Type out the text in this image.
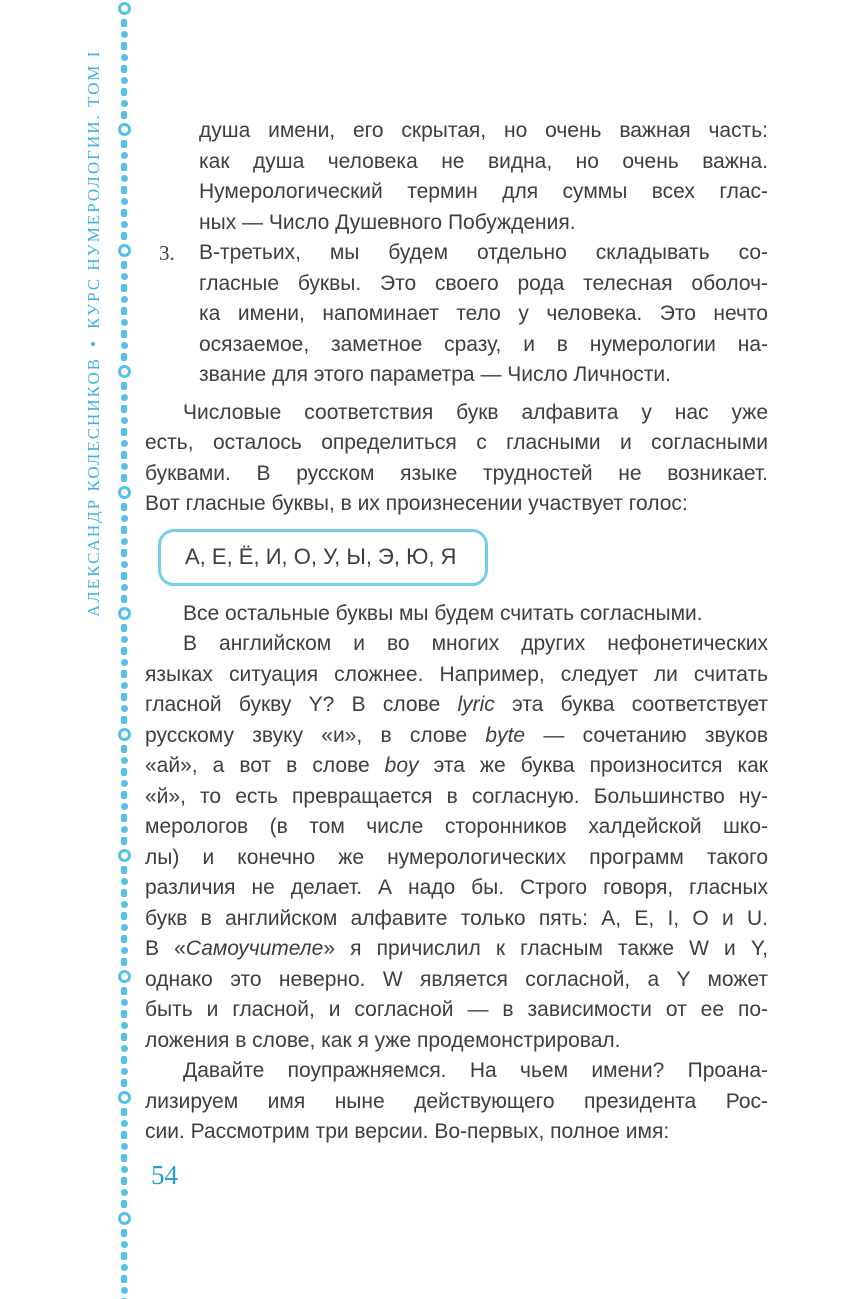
АЛЕКСАНДР КОЛЕСНИКОВ•КУРС НУМЕРОЛОГИИ. ТОМ I	душа имени, его скрытая, но очень важная часть:
как душа человека не видна, но очень важна.
Нумерологический термин для суммы всех глас-
ных — Число Душевного Побуждения.
3.	В-третьих, мы будем отдельно складывать со-
гласные буквы. Это своего рода телесная оболоч-
ка имени, напоминает тело у человека. Это нечто
осязаемое, заметное сразу, и в нумерологии на-
звание для этого параметра — Число Личности.
Числовые соответствия букв алфавита у нас уже
есть, осталось определиться с гласными и согласными
буквами. В русском языке трудностей не возникает.
Вот гласные буквы, в их произнесении участвует голос:
А, Е, Ё, И, О, У, Ы, Э, Ю, Я
Все остальные буквы мы будем считать согласными.
В английском и во многих других нефонетических
языках ситуация сложнее. Например, следует ли считать
гласной букву Y? В слове lyric эта буква соответствует
русскому звуку «и», в слове byte — сочетанию звуков
«ай», а вот в слове boy эта же буква произносится как
«й», то есть превращается в согласную. Большинство ну-
мерологов (в том числе сторонников халдейской шко-
лы) и конечно же нумерологических программ такого
различия не делает. А надо бы. Строго говоря, гласных
букв в английском алфавите только пять: A, E, I, O и U.
В «Самоучителе» я причислил к гласным также W и Y,
однако это неверно. W является согласной, а Y может
быть и гласной, и согласной — в зависимости от ее по-
ложения в слове, как я уже продемонстрировал.
Давайте поупражняемся. На чьем имени? Проана-
лизируем имя ныне действующего президента Рос-
сии. Рассмотрим три версии. Во-первых, полное имя:
54
